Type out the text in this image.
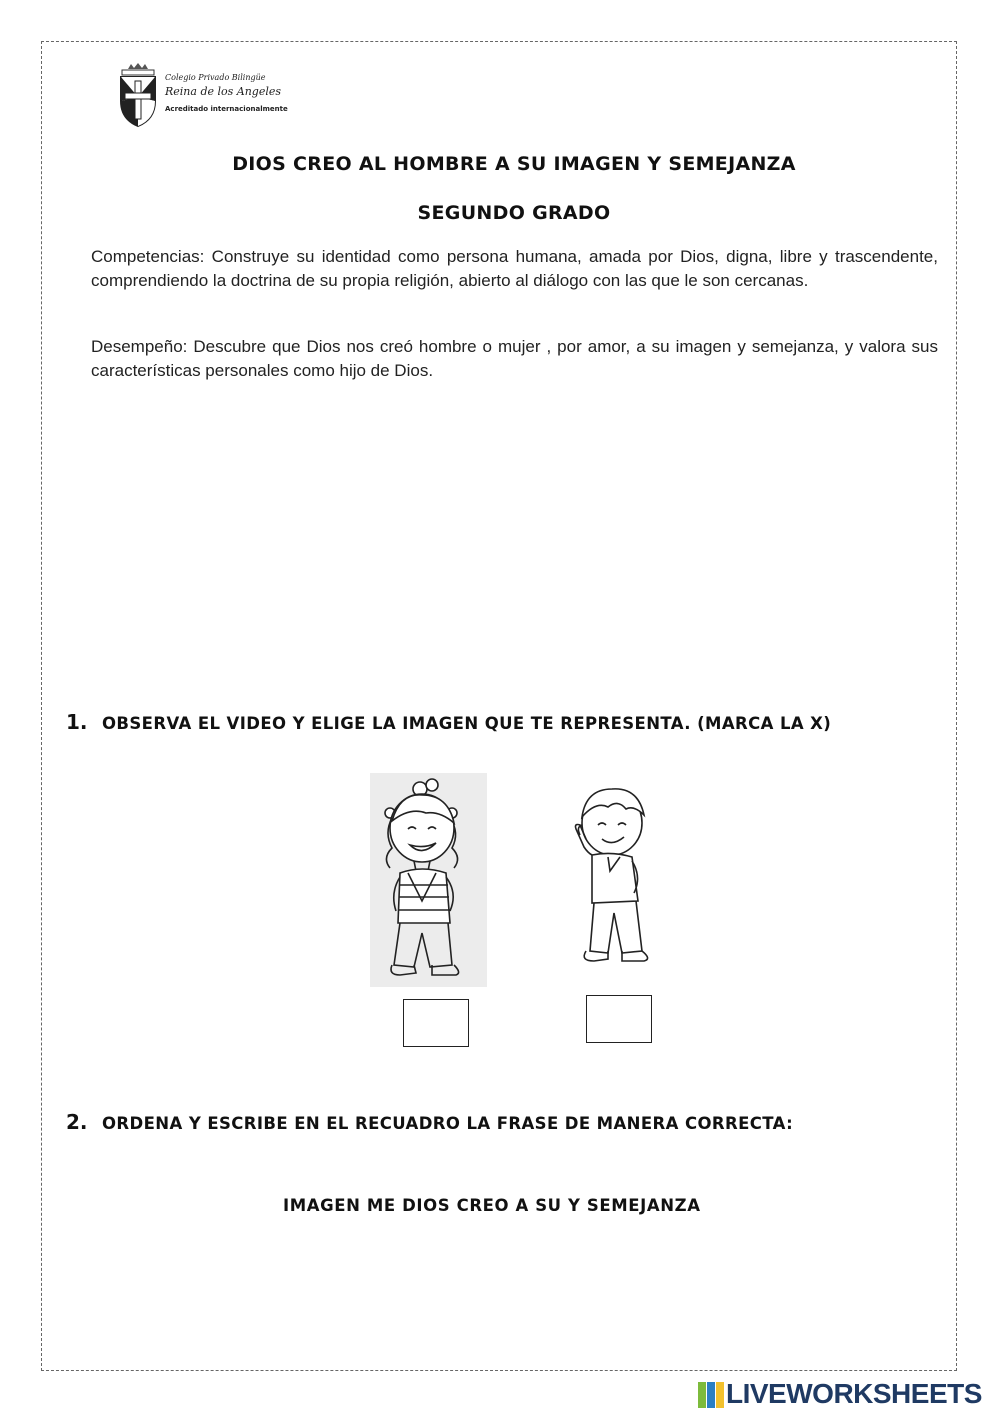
Colegio Privado Bilingüe
Reina de los Angeles
Acreditado internacionalmente
DIOS CREO AL HOMBRE A SU IMAGEN Y SEMEJANZA
SEGUNDO GRADO
Competencias: Construye su identidad como persona humana, amada por Dios, digna, libre y trascendente, comprendiendo la doctrina de su propia religión, abierto al diálogo con las que le son cercanas.
Desempeño: Descubre que Dios nos creó hombre o mujer , por amor, a su imagen y semejanza, y valora sus características personales como hijo de Dios.
1. OBSERVA EL VIDEO Y ELIGE LA IMAGEN QUE TE REPRESENTA. (MARCA LA X)
2. ORDENA Y ESCRIBE EN EL RECUADRO LA FRASE DE MANERA CORRECTA:
IMAGEN ME DIOS CREO A SU Y SEMEJANZA
LIVEWORKSHEETS
